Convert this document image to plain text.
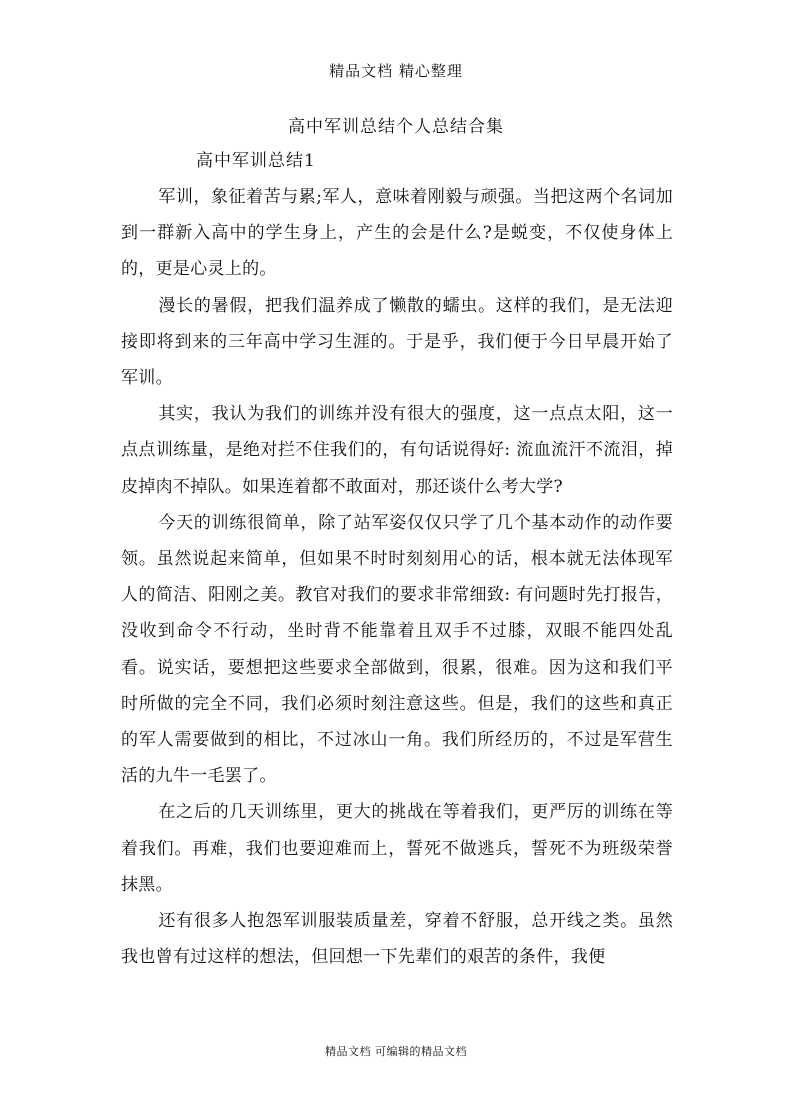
精品文档 精心整理
高中军训总结个人总结合集
高中军训总结1

军训，象征着苦与累;军人，意味着刚毅与顽强。当把这两个名词加到一群新入高中的学生身上，产生的会是什么?是蜕变，不仅使身体上的，更是心灵上的。

漫长的暑假，把我们温养成了懒散的蠕虫。这样的我们，是无法迎接即将到来的三年高中学习生涯的。于是乎，我们便于今日早晨开始了军训。

其实，我认为我们的训练并没有很大的强度，这一点点太阳，这一点点训练量，是绝对拦不住我们的，有句话说得好: 流血流汗不流泪，掉皮掉肉不掉队。如果连着都不敢面对，那还谈什么考大学?

今天的训练很简单，除了站军姿仅仅只学了几个基本动作的动作要领。虽然说起来简单，但如果不时时刻刻用心的话，根本就无法体现军人的简洁、阳刚之美。教官对我们的要求非常细致: 有问题时先打报告，没收到命令不行动，坐时背不能靠着且双手不过膝，双眼不能四处乱看。说实话，要想把这些要求全部做到，很累，很难。因为这和我们平时所做的完全不同，我们必须时刻注意这些。但是，我们的这些和真正的军人需要做到的相比，不过冰山一角。我们所经历的，不过是军营生活的九牛一毛罢了。

在之后的几天训练里，更大的挑战在等着我们，更严厉的训练在等着我们。再难，我们也要迎难而上，誓死不做逃兵，誓死不为班级荣誉抹黑。

还有很多人抱怨军训服装质量差，穿着不舒服，总开线之类。虽然我也曾有过这样的想法，但回想一下先辈们的艰苦的条件，我便

精品文档 可编辑的精品文档
